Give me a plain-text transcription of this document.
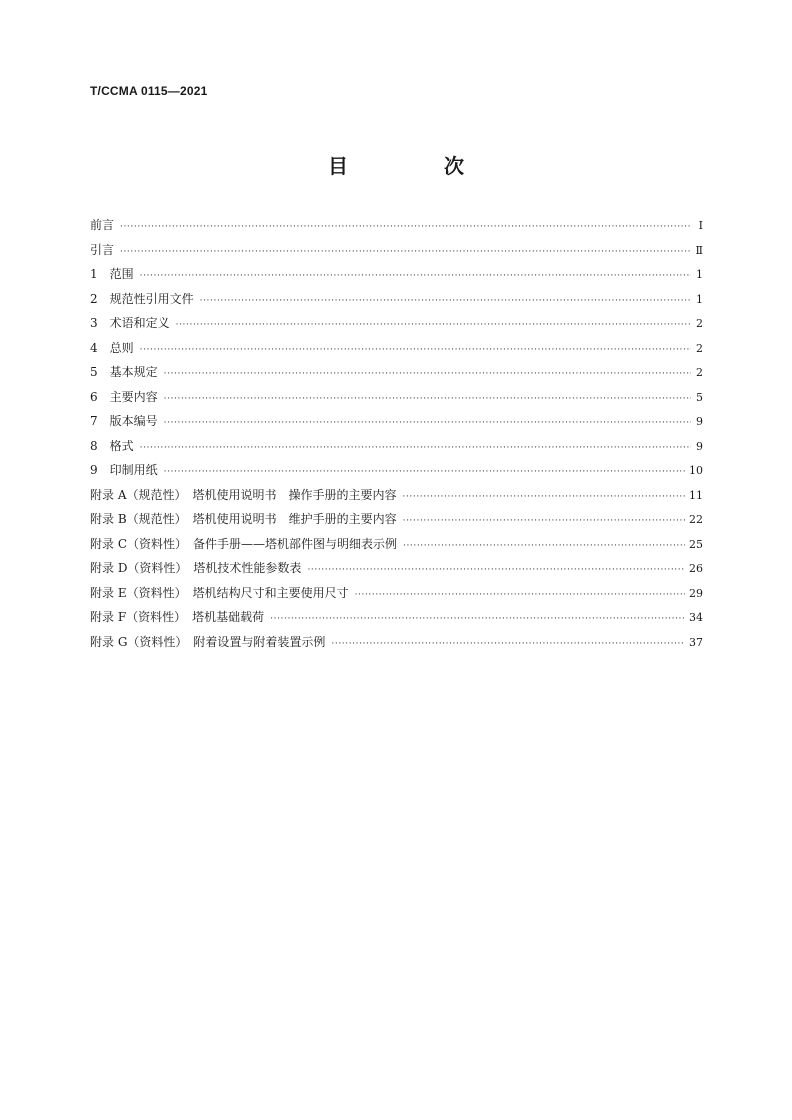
T/CCMA 0115—2021
目　次
前言 ·····	Ⅰ
引言 ·····	Ⅱ
1　范围 ·····	1
2　规范性引用文件 ·····	1
3　术语和定义 ·····	2
4　总则 ·····	2
5　基本规定 ·····	2
6　主要内容 ·····	5
7　版本编号 ·····	9
8　格式 ·····	9
9　印制用纸 ·····	10
附录 A（规范性）　塔机使用说明书　操作手册的主要内容 ·····	11
附录 B（规范性）　塔机使用说明书　维护手册的主要内容 ·····	22
附录 C（资料性）　备件手册——塔机部件图与明细表示例 ·····	25
附录 D（资料性）　塔机技术性能参数表 ·····	26
附录 E（资料性）　塔机结构尺寸和主要使用尺寸 ·····	29
附录 F（资料性）　塔机基础载荷 ·····	34
附录 G（资料性）　附着设置与附着装置示例 ·····	37
